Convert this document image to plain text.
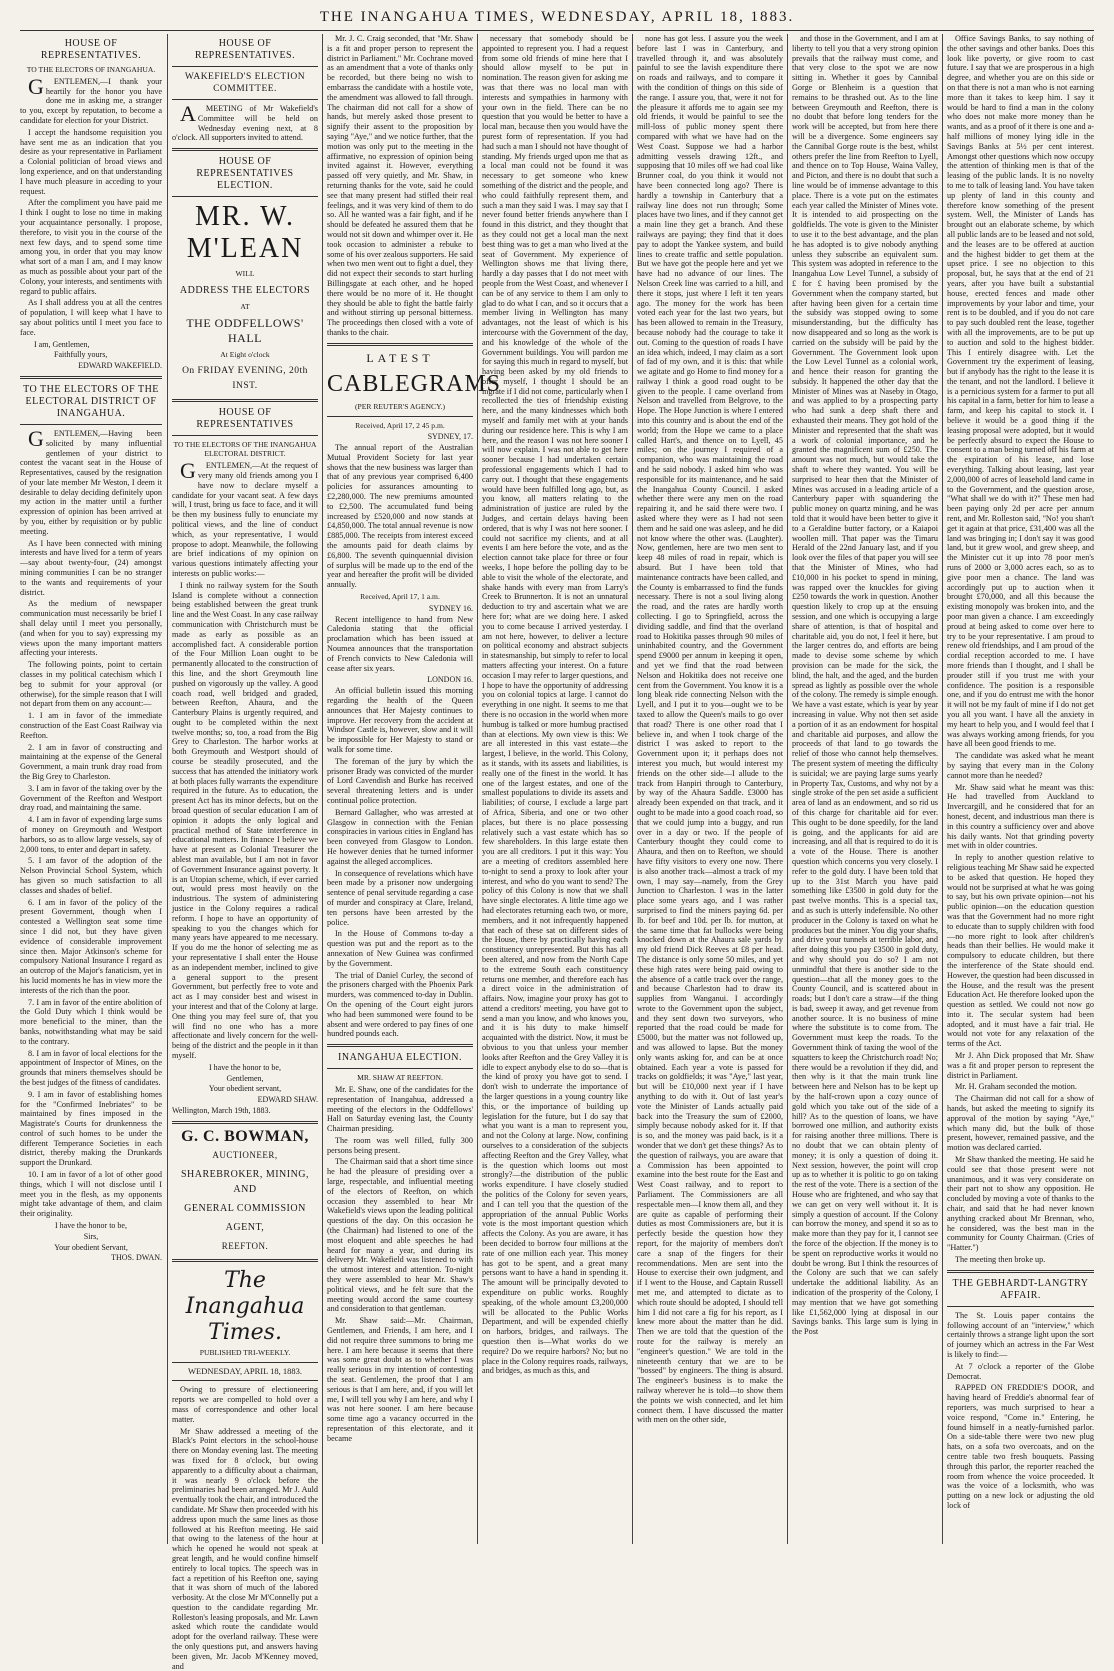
THE INANGAHUA TIMES, WEDNESDAY, APRIL 18, 1883.
HOUSE OF REPRESENTATIVES.
TO THE ELECTORS OF INANGAHUA.

GENTLEMEN,—I thank your heartily for the honor you have done me in asking me, a stranger to you, except by reputation, to become a candidate for election for your District.

I accept the handsome requisition you have sent me as an indication that you desire as your representative in Parliament a Colonial politician of broad views and long experience, and on that understanding I have much pleasure in acceding to your request.

After the compliment you have paid me I think I ought to lose no time in making your acquaintance personally. I propose, therefore, to visit you in the course of the next few days, and to spend some time among you, in order that you may know what sort of a man I am, and I may know as much as possible about your part of the Colony, your interests, and sentiments with regard to public affairs.

As I shall address you at all the centres of population, I will keep what I have to say about politics until I meet you face to face.

I am, Gentlemen,
Faithfully yours,
EDWARD WAKEFIELD.
TO THE ELECTORS OF THE ELECTORAL DISTRICT OF INANGAHUA.

GENTLEMEN,—Having been solicited by many influential gentlemen of your district to contest the vacant seat in the House of Representatives, caused by the resignation of your late member Mr Weston, I deem it desirable to delay deciding definitely upon my action in the matter until a further expression of opinion has been arrived at by you, either by requisition or by public meeting.

As I have been connected with mining interests and have lived for a term of years—say about twenty-four, (24) amongst mining communities I can be no stranger to the wants and requirements of your district.

As the medium of newspaper communication must necessarily be brief I shall delay until I meet you personally, (and when for you to say) expressing my views upon the many important matters affecting your interests.

The following points, point to certain classes in my political catechism which I beg to submit for your approval (or otherwise), for the simple reason that I will not depart from them on any account:—

1. I am in favor of the immediate construction of the East Coast Railway via Reefton.

2. I am in favor of constructing and maintaining at the expense of the General Government, a main trunk dray road from the Big Grey to Charleston.

3. I am in favor of the taking over by the Government of the Reefton and Westport dray road, and maintaining the same.

4. I am in favor of expending large sums of money on Greymouth and Westport harbors, so as to allow large vessels, say of 2,000 tons, to enter and depart in safety.

5. I am favor of the adoption of the Nelson Provincial School System, which has given so much satisfaction to all classes and shades of belief.

6. I am in favor of the policy of the present Government, though when I contested a Wellington seat some time since I did not, but they have given evidence of considerable improvement since then. Major Atkinson's scheme for compulsory National Insurance I regard as an outcrop of the Major's fanaticism, yet in his lucid moments he has in view more the interests of the rich than the poor.

7. I am in favor of the entire abolition of the Gold Duty which I think would be more beneficial to the miner, than the banks, notwithstanding what may be said to the contrary.

8. I am in favor of local elections for the appointment of Inspector of Mines, on the grounds that miners themselves should be the best judges of the fitness of candidates.

9. I am in favor of establishing homes for the "Confirmed Inebriates" to be maintained by fines imposed in the Magistrate's Courts for drunkenness the control of such homes to be under the different Temperance Societies in each district, thereby making the Drunkards support the Drunkard.

10. I am in favor of a lot of other good things, which I will not disclose until I meet you in the flesh, as my opponents might take advantage of them, and claim their originality.

I have the honor to be,
Sirs,
Your obedient Servant,
THOS. DWAN.
HOUSE OF REPRESENTATIVES.
WAKEFIELD'S ELECTION COMMITTEE.

AMEETING of Mr Wakefield's Committee will be held on Wednesday evening next, at 8 o'clock. All supporters invited to attend.

HOUSE OF REPRESENTATIVES ELECTION.
MR. W. M'LEAN
WILL
ADDRESS THE ELECTORS
AT
THE ODDFELLOWS' HALL
At Eight o'clock
On FRIDAY EVENING, 20th INST.
HOUSE OF REPRESENTATIVES
TO THE ELECTORS OF THE INANGAHUA ELECTORAL DISTRICT.

GENTLEMEN,—At the request of very many old friends among you I have now to declare myself a candidate for your vacant seat. A few days will, I trust, bring us face to face, and it will be then my business fully to enunciate my political views, and the line of conduct which, as your representative, I would propose to adopt. Meanwhile, the following are brief indications of my opinion on various questions intimately affecting your interests on public works:—

I think no railway system for the South Island is complete without a connection being established between the great trunk line and the West Coast. In any case railway communication with Christchurch must be made as early as possible as an accomplished fact. A considerable portion of the Four Million Loan ought to be permanently allocated to the construction of this line, and the short Greymouth line pushed on vigorously up the valley. A good coach road, well bridged and graded, between Reefton, Ahaura, and the Canterbury Plains is urgently required, and ought to be completed within the next twelve months; so, too, a road from the Big Grey to Charleston. The harbor works at both Greymouth and Westport should of course be steadily prosecuted, and the success that has attended the initiatory work at both places fully warrants the expenditure required in the future. As to education, the present Act has its minor defects, but on the broad question of secular education I am of opinion it adopts the only logical and practical method of State interference in educational matters. In finance I believe we have at present as Colonial Treasurer the ablest man available, but I am not in favor of Government Insurance against poverty. It is an Utopian scheme, which, if ever carried out, would press most heavily on the industrious. The system of administering justice in the Colony requires a radical reform. I hope to have an opportunity of speaking to you the changes which for many years have appeared to me necessary. If you do me the honor of selecting me as your representative I shall enter the House as an independent member, inclined to give a general support to the present Government, but perfectly free to vote and act as I may consider best and wisest in your interest and that of the Colony at large. One thing you may feel sure of, that you will find no one who has a more affectionate and lively concern for the well-being of the district and the people in it than myself.

I have the honor to be,
Gentlemen,
Your obedient servant,
EDWARD SHAW.
Wellington, March 19th, 1883.
G. C. BOWMAN,
AUCTIONEER,
SHAREBROKER, MINING, AND
GENERAL COMMISSION
AGENT,
REEFTON.
The Inangahua Times.
PUBLISHED TRI-WEEKLY.
WEDNESDAY, APRIL 18, 1883.

Owing to pressure of electioneering reports we are compelled to hold over a mass of correspondence and other local matter.

Mr Shaw addressed a meeting of the Black's Point electors in the school-house there on Monday evening last. The meeting was fixed for 8 o'clock, but owing apparently to a difficulty about a chairman, it was nearly 9 o'clock before the preliminaries had been arranged. Mr J. Auld eventually took the chair, and introduced the candidate. Mr Shaw then proceeded with his address upon much the same lines as those followed at his Reefton meeting. He said that owing to the lateness of the hour at which he opened he would not speak at great length, and he would confine himself entirely to local topics. The speech was in fact a repetition of his Reefton one, saying that it was shorn of much of the labored verbosity. At the close Mr M'Connelly put a question to the candidate regarding Mr. Rolleston's leasing proposals, and Mr. Lawn asked which route the candidate would adopt for the overland railway. These were the only questions put, and answers having been given, Mr. Jacob M'Kenney moved, and

Mr. J. C. Craig seconded, that "Mr. Shaw is a fit and proper person to represent the district in Parliament." Mr. Cochrane moved as an amendment that a vote of thanks only be recorded, but there being no wish to embarrass the candidate with a hostile vote, the amendment was allowed to fall through. The chairman did not call for a show of hands, but merely asked those present to signify their assent to the proposition by saying "Aye," and we notice further, that the motion was only put to the meeting in the affirmative, no expression of opinion being invited against it. However, everything passed off very quietly, and Mr. Shaw, in returning thanks for the vote, said he could see that many present had stifled their real feelings, and it was very kind of them to do so. All he wanted was a fair fight, and if he should be defeated he assured them that he would not sit down and whimper over it. He took occasion to administer a rebuke to some of his over zealous supporters. He said when two men went out to fight a duel, they did not expect their seconds to start hurling Billingsgate at each other, and he hoped there would be no more of it. He thought they should be able to fight the battle fairly and without stirring up personal bitterness. The proceedings then closed with a vote of thanks to the chair.

LATEST
CABLEGRAMS
(PER REUTER'S AGENCY.)
Received, April 17, 2 45 p.m.
SYDNEY, 17.

The annual report of the Australian Mutual Provident Society for last year shows that the new business was larger than that of any previous year comprised 6,400 policies for assurances amounting to £2,280,000. The new premiums amounted to £2,500. The accumulated fund being increased by £520,000 and now stands at £4,850,000. The total annual revenue is now £885,000. The receipts from interest exceed the amounts paid for death claims by £6,800. The seventh quinquennial division of surplus will be made up to the end of the year and hereafter the profit will be divided annually.

Received, April 17, 1 a.m.
SYDNEY 16.

Recent intelligence to hand from New Caledonia stating that the official proclamation which has been issued at Noumea announces that the transportation of French convicts to New Caledonia will cease after six years.

LONDON 16.

An official bulletin issued this morning regarding the health of the Queen announces that Her Majesty continues to improve. Her recovery from the accident at Windsor Castle is, however, slow and it will be impossible for Her Majesty to stand or walk for some time.

The foreman of the jury by which the prisoner Brady was convicted of the murder of Lord Cavendish and Burke has received several threatening letters and is under continual police protection.

Bernard Gallagher, who was arrested at Glasgow in connection with the Fenian conspiracies in various cities in England has been conveyed from Glasgow to London. He however denies that he turned informer against the alleged accomplices.

In consequence of revelations which have been made by a prisoner now undergoing sentence of penal servitude regarding a case of murder and conspiracy at Clare, Ireland, ten persons have been arrested by the police.

In the House of Commons to-day a question was put and the report as to the annexation of New Guinea was confirmed by the Government.

The trial of Daniel Curley, the second of the prisoners charged with the Phoenix Park murders, was commenced to-day in Dublin. On the opening of the Court eight jurors who had been summoned were found to be absent and were ordered to pay fines of one hundred pounds each.

INANGAHUA ELECTION.
MR. SHAW AT REEFTON.

Mr. E. Shaw, one of the candidates for the representation of Inangahua, addressed a meeting of the electors in the Oddfellows' Hall on Saturday evening last, the County Chairman presiding.

The room was well filled, fully 300 persons being present.

The Chairman said that a short time since he had the pleasure of presiding over a large, respectable, and influential meeting of the electors of Reefton, on which occasion they assembled to hear Mr Wakefield's views upon the leading political questions of the day. On this occasion he (the Chairman) had listened to one of the most eloquent and able speeches he had heard for many a year, and during its delivery Mr. Wakefield was listened to with the utmost interest and attention. To-night they were assembled to hear Mr. Shaw's political views, and he felt sure that the meeting would accord the same courtesy and consideration to that gentleman.

Mr. Shaw said:—Mr. Chairman, Gentlemen, and Friends, I am here, and I did not require three summons to bring me here. I am here because it seems that there was some great doubt as to whether I was really serious in my intention of contesting the seat. Gentlemen, the proof that I am serious is that I am here, and, if you will let me, I will tell you why I am here, and why I was not here sooner. I am here because some time ago a vacancy occurred in the representation of this electorate, and it became

necessary that somebody should be appointed to represent you. I had a request from some old friends of mine here that I should allow myself to be put in nomination. The reason given for asking me was that there was no local man with interests and sympathies in harmony with your own in the field. There can be no question that you would be better to have a local man, because then you would have the purest form of representation. If you had had such a man I should not have thought of standing. My friends urged upon me that as a local man could not be found it was necessary to get someone who knew something of the district and the people, and who could faithfully represent them, and such a man they said I was. I may say that I never found better friends anywhere than I found in this district, and they thought that as they could not get a local man the next best thing was to get a man who lived at the seat of Government. My experience of Wellington shows me that living there, hardly a day passes that I do not meet with people from the West Coast, and whenever I can be of any service to them I am only to glad to do what I can, and so it occurs that a member living in Wellington has many advantages, not the least of which is his intercourse with the Government of the day, and his knowledge of the whole of the Government buildings. You will pardon me for saying this much in regard to myself, but having been asked by my old friends to offer myself, I thought I should be an ingrate if I did not come, particularly when I recollected the ties of friendship existing here, and the many kindnesses which both myself and family met with at your hands during our residence here. This is why I am here, and the reason I was not here sooner I will now explain. I was not able to get here sooner because I had undertaken certain professional engagements which I had to carry out. I thought that these engagements would have been fulfilled long ago, but, as you know, all matters relating to the administration of justice are ruled by the Judges, and certain delays having been ordered, that is why I was not here sooner. I could not sacrifice my clients, and at all events I am here before the vote, and as the election cannot take place for three or four weeks, I hope before the polling day to be able to visit the whole of the electorate, and shake hands with every man from Larry's Creek to Brunnerton. It is not an unnatural deduction to try and ascertain what we are here for; what are we doing here. I asked you to come because I arrived yesterday. I am not here, however, to deliver a lecture on political economy and abstract subjects in statesmanship, but simply to refer to local matters affecting your interest. On a future occasion I may refer to larger questions, and I hope to have the opportunity of addressing you on colonial topics at large. I cannot do everything in one night. It seems to me that there is no occasion in the world when more humbug is talked or more humbug practised than at elections. My own view is this: We are all interested in this vast estate—the largest, I believe, in the world. This Colony, as it stands, with its assets and liabilities, is really one of the finest in the world. It has one of the largest estates, and one of the smallest populations to divide its assets and liabilities; of course, I exclude a large part of Africa, Siberia, and one or two other places, but there is no place possessing relatively such a vast estate which has so few shareholders. In this large estate then you are all creditors. I put it this way: You are a meeting of creditors assembled here to-night to send a proxy to look after your interest, and who do you want to send? The policy of this Colony is now that we shall have single electorates. A little time ago we had electorates returning each two, or more, members, and it not infrequently happened that each of these sat on different sides of the House, there by practically having each constituency unrepresented. But this has all been altered, and now from the North Cape to the extreme South each constituency returns one member, and therefore each has a direct voice in the administration of affairs. Now, imagine your proxy has got to attend a creditors' meeting, you have got to send a man you know, and who knows you, and it is his duty to make himself acquainted with the district. Now, it must be obvious to you that unless your member looks after Reefton and the Grey Valley it is idle to expect anybody else to do so—that is the kind of proxy you have got to send. I don't wish to underrate the importance of the larger questions in a young country like this, or the importance of building up legislation for the future, but I do say that what you want is a man to represent you, and not the Colony at large. Now, confining ourselves to a consideration of the subjects affecting Reefton and the Grey Valley, what is the question which looms out most strongly?—the distribution of the public works expenditure. I have closely studied the politics of the Colony for seven years, and I can tell you that the question of the appropriation of the annual Public Works vote is the most important question which affects the Colony. As you are aware, it has been decided to borrow four millions at the rate of one million each year. This money has got to be spent, and a great many persons want to have a hand in spending it. The amount will be principally devoted to expenditure on public works. Roughly speaking, of the whole amount £3,200,000 will be allocated to the Public Works Department, and will be expended chiefly on harbors, bridges, and railways. The question then is—What works do we require? Do we require harbors? No; but no place in the Colony requires roads, railways, and bridges, as much as this, and

none has got less. I assure you the week before last I was in Canterbury, and travelled through it, and was absolutely painful to see the lavish expenditure there on roads and railways, and to compare it with the condition of things on this side of the range. I assure you, that, were it not for the pleasure it affords me to again see my old friends, it would be painful to see the mill-loss of public money spent there compared with what we have had on the West Coast. Suppose we had a harbor admitting vessels drawing 12ft., and supposing that 10 miles off we had coal like Brunner coal, do you think it would not have been connected long ago? There is hardly a township in Canterbury that a railway line does not run through; Some places have two lines, and if they cannot get a main line they get a branch. And these railways are paying; they find that it does pay to adopt the Yankee system, and build lines to create traffic and settle population. But we have got the people here and yet we have had no advance of our lines. The Nelson Creek line was carried to a hill, and there it stops, just where I left it ten years ago. The money for the work has been voted each year for the last two years, but has been allowed to remain in the Treasury, because nobody had the courage to take it out. Coming to the question of roads I have an idea which, indeed, I may claim as a sort of fad of my own, and it is this: that while we agitate and go Home to find money for a railway I think a good road ought to be given to the people. I came overland from Nelson and travelled from Belgrove, to the Hope. The Hope Junction is where I entered into this country and is about the end of the world; from the Hope we came to a place called Hart's, and thence on to Lyell, 45 miles; on the journey I required of a companion, who was maintaining the road and he said nobody. I asked him who was responsible for its maintenance, and he said the Inangahua County Council. I asked whether there were any men on the road repairing it, and he said there were two. I asked where they were as I had not seen them and he said one was asleep, and he did not know where the other was. (Laughter). Now, gentlemen, here are two men sent to keep 48 miles of road in repair, which is absurd. But I have been told that maintenance contracts have been called, and the County is embarrassed to find the funds necessary. There is not a soul living along the road, and the rates are hardly worth collecting. I go to Springfield, across the dividing saddle, and find that the overland road to Hokitika passes through 90 miles of uninhabited country, and the Government spend £9000 per annum in keeping it open, and yet we find that the road between Nelson and Hokitika does not receive one cent from the Government. You know it is a long bleak ride connecting Nelson with the Lyell, and I put it to you—ought we to be taxed to allow the Queen's mails to go over that road? There is one other road that I believe in, and when I took charge of the district I was asked to report to the Government upon it; it perhaps does not interest you much, but would interest my friends on the other side—I allude to the track from Hanpiri through to Canterbury, by way of the Ahaura Saddle. £3000 has already been expended on that track, and it ought to be made into a good coach road, so that we could jump into a buggy, and run over in a day or two. If the people of Canterbury thought they could come to Ahaura, and then on to Reefton, we should have fifty visitors to every one now. There is also another track—almost a track of my own, I may say—namely, from the Grey Junction to Charleston. I was in the latter place some years ago, and I was rather surprised to find the miners paying 6d. per lb. for beef and 10d. per lb. for mutton, at the same time that fat bullocks were being knocked down at the Ahaura sale yards by my old friend Dick Reeves at £8 per head. The distance is only some 50 miles, and yet these high rates were being paid owing to the absence of a cattle track over the range, and because Charleston had to draw its supplies from Wanganui. I accordingly wrote to the Government upon the subject, and they sent down two surveyors, who reported that the road could be made for £5000, but the matter was not followed up, and was allowed to lapse. But the money only wants asking for, and can be at once obtained. Each year a vote is passed for tracks on goldfields; it was "Aye," last year, but will be £10,000 next year if I have anything to do with it. Out of last year's vote the Minister of Lands actually paid back into the Treasury the sum of £2000, simply because nobody asked for it. If that is so, and the money was paid back, is it a wonder that we don't get these things? As to the question of railways, you are aware that a Commission has been appointed to examine into the best route for the East and West Coast railway, and to report to Parliament. The Commissioners are all respectable men—I know them all, and they are quite as capable of performing their duties as most Commissioners are, but it is perfectly beside the question how they report, for the majority of members don't care a snap of the fingers for their recommendations. Men are sent into the House to exercise their own judgment, and if I went to the House, and Captain Russell met me, and attempted to dictate as to which route should be adopted, I should tell him I did not care a fig for his report, as I knew more about the matter than he did. Then we are told that the question of the route for the railway is merely an "engineer's question." We are told in the nineteenth century that we are to be "bossed" by engineers. The thing is absurd. The engineer's business is to make the railway wherever he is told—to show them the points we wish connected, and let him connect them. I have discussed the matter with men on the other side,

and those in the Government, and I am at liberty to tell you that a very strong opinion prevails that the railway must come, and that very close to the spot we are now sitting in. Whether it goes by Cannibal Gorge or Blenheim is a question that remains to be thrashed out. As to the line between Greymouth and Reefton, there is no doubt that before long tenders for the work will be accepted, but from here there will be a divergence. Some engineers say the Cannibal Gorge route is the best, whilst others prefer the line from Reefton to Lyell, and thence on to Top House, Waina Valley, and Picton, and there is no doubt that such a line would be of immense advantage to this place. There is a vote put on the estimates each year called the Minister of Mines vote. It is intended to aid prospecting on the goldfields. The vote is given to the Minister to use it to the best advantage, and the plan he has adopted is to give nobody anything unless they subscribe an equivalent sum. This system was adopted in reference to the Inangahua Low Level Tunnel, a subsidy of £ for £ having been promised by the Government when the company started, but after having been given for a certain time the subsidy was stopped owing to some misunderstanding, but the difficulty has now disappeared and so long as the work is carried on the subsidy will be paid by the Government. The Government look upon the Low Level Tunnel as a colonial work, and hence their reason for granting the subsidy. It happened the other day that the Minister of Mines was at Naseby in Otago, and was applied to by a prospecting party who had sunk a deep shaft there and exhausted their means. They got hold of the Minister and represented that the shaft was a work of colonial importance, and he granted the magnificent sum of £250. The amount was not much, but would take the shaft to where they wanted. You will be surprised to hear then that the Minister of Mines was accused in a leading article of a Canterbury paper with squandering the public money on quartz mining, and he was told that it would have been better to give it to a Geraldine butter factory, or a Kaiapoi woollen mill. That paper was the Timaru Herald of the 22nd January last, and if you look over the files of that paper you will see that the Minister of Mines, who had £10,000 in his pocket to spend in mining, was rapped over the knuckles for giving £250 towards the work in question. Another question likely to crop up at the ensuing session, and one which is occupying a large share of attention, is that of hospital and charitable aid, you do not, I feel it here, but the larger centres do, and efforts are being made to devise some scheme by which provision can be made for the sick, the blind, the halt, and the aged, and the burden spread as lightly as possible over the whole of the colony. The remedy is simple enough. We have a vast estate, which is year by year increasing in value. Why not then set aside a portion of it as an endowment for hospital and charitable aid purposes, and allow the proceeds of that land to go towards the relief of those who cannot help themselves. The present system of meeting the difficulty is suicidal; we are paying large sums yearly in Property Tax, Customs, and why not by a single stroke of the pen set aside a sufficient area of land as an endowment, and so rid us of this charge for charitable aid for ever. This ought to be done speedily, for the land is going, and the applicants for aid are increasing, and all that is required to do it is a vote of the House. There is another question which concerns you very closely. I refer to the gold duty. I have been told that up to the 31st March you have paid something like £3500 in gold duty for the past twelve months. This is a special tax, and as such is utterly indefensible. No other producer in the Colony is taxed on what he produces but the miner. You dig your shafts, and drive your tunnels at terrible labor, and after doing this you pay £3500 in gold duty, and why should you do so? I am not unmindful that there is another side to the question—that all the money goes to the County Council, and is scattered about in roads; but I don't care a straw—if the thing is bad, sweep it away, and get revenue from another source. It is no business of mine where the substitute is to come from. The Government must keep the roads. To the Government think of taxing the wool of the squatters to keep the Christchurch road! No; there would be a revolution if they did, and then why is it that the main trunk line between here and Nelson has to be kept up by the half-crown upon a cozy ounce of gold which you take out of the side of a hill? As to the question of loans, we have borrowed one million, and authority exists for raising another three millions. There is no doubt that we can obtain plenty of money; it is only a question of doing it. Next session, however, the point will crop up as to whether it is politic to go on taking the rest of the vote. There is a section of the House who are frightened, and who say that we can get on very well without it. It is simply a question of account. If the Colony can borrow the money, and spend it so as to make more than they pay for it, I cannot see the force of the objection. If the money is to be spent on reproductive works it would no doubt be wrong. But I think the resources of the Colony are such that we can safely undertake the additional liability. As an indication of the prosperity of the Colony, I may mention that we have got something like £1,562,000 lying at disposal in our Savings banks. This large sum is lying in the Post

Office Savings Banks, to say nothing of the other savings and other banks. Does this look like poverty, or give room to cast future. I say that we are prosperous in a high degree, and whether you are on this side or on that there is not a man who is not earning more than it takes to keep him. I say it would be hard to find a man in the colony who does not make more money than he wants, and as a proof of it there is one and a-half millions of money lying idle in the Savings Banks at 5½ per cent interest. Amongst other questions which now occupy the attention of thinking men is that of the leasing of the public lands. It is no novelty to me to talk of leasing land. You have taken up plenty of land in this county and therefore know something of the present system. Well, the Minister of Lands has brought out an elaborate scheme, by which all public lands are to be leased and not sold, and the leases are to be offered at auction and the highest bidder to get them at the upset price. I see no objection to this proposal, but, he says that at the end of 21 years, after you have built a substantial house, erected fences and made other improvements by your labor and time, your rent is to be doubled, and if you do not care to pay such doubled rent the lease, together with all the improvements, are to be put up to auction and sold to the highest bidder. This I entirely disagree with. Let the Government try the experiment of leasing, but if anybody has the right to the lease it is the tenant, and not the landlord. I believe it is a pernicious system for a farmer to put all his capital in a farm, better for him to lease a farm, and keep his capital to stock it. I believe it would be a good thing if the leasing proposal were adopted, but it would be perfectly absurd to expect the House to consent to a man being turned off his farm at the expiration of his lease, and lose everything. Talking about leasing, last year 2,000,000 of acres of leasehold land came in to the Government, and the question arose, "What shall we do with it?" These men had been paying only 2d per acre per annum rent, and Mr. Rolleston said, "No! you shan't get it again at that price, £31,400 was all the land was bringing in; I don't say it was good land, but it grew wool, and grew sheep, and the Minister cut it up into 78 poor men's runs of 2000 or 3,000 acres each, so as to give poor men a chance. The land was accordingly put up to auction when it brought £70,000, and all this because the existing monopoly was broken into, and the poor man given a chance. I am exceedingly proud at being asked to come over here to try to be your representative. I am proud to renew old friendships, and I am proud of the cordial reception accorded to me. I have more friends than I thought, and I shall be prouder still if you trust me with your confidence. The position is a responsible one, and if you do entrust me with the honor it will not be my fault of mine if I do not get you all you want. I have all the anxiety in my heart to help you, and I would feel that I was always working among friends, for you have all been good friends to me.

The candidate was asked what he meant by saying that every man in the Colony cannot more than he needed?

Mr. Shaw said what he meant was this: He had travelled from Auckland to Invercargill, and he considered that for an honest, decent, and industrious man there is in this country a sufficiency over and above his daily wants. Not that grinding poverty met with in older countries.

In reply to another question relative to religious teaching Mr Shaw said he expected to be asked that question. He hoped they would not be surprised at what he was going to say, but his own private opinion—not his public opinion—on the education question was that the Government had no more right to educate than to supply children with food—no more right to look after children's heads than their bellies. He would make it compulsory to educate children, but there the interference of the State should end. However, the question had been discussed in the House, and the result was the present Education Act. He therefore looked upon the question as settled. We could not now go into it. The secular system had been adopted, and it must have a fair trial. He would not vote for any relaxation of the terms of the Act.

Mr J. Ahn Dick proposed that Mr. Shaw was a fit and proper person to represent the district in Parliament.

Mr. H. Graham seconded the motion.

The Chairman did not call for a show of hands, but asked the meeting to signify its approval of the motion by saying "Aye," which many did, but the bulk of those present, however, remained passive, and the motion was declared carried.

Mr Shaw thanked the meeting. He said he could see that those present were not unanimous, and it was very considerate on their part not to show any opposition. He concluded by moving a vote of thanks to the chair, and said that he had never known anything cracked about Mr Brennan, who, he considered, was the best man in the community for County Chairman. (Cries of "Hatter.")

The meeting then broke up.

THE GEBHARDT-LANGTRY AFFAIR.

The St. Louis paper contains the following account of an "interview," which certainly throws a strange light upon the sort of journey which an actress in the Far West is likely to find:—

At 7 o'clock a reporter of the Globe Democrat.

RAPPED ON FREDDIE'S DOOR, and having heard of Freddie's abnormal fear of reporters, was much surprised to hear a voice respond, "Come in." Entering, he found himself in a neatly-furnished parlor. On a side-table there were two new plug hats, on a sofa two overcoats, and on the centre table two fresh bouquets. Passing through this parlor, the reporter reached the room from whence the voice proceeded. It was the voice of a locksmith, who was putting on a new lock or adjusting the old lock of
